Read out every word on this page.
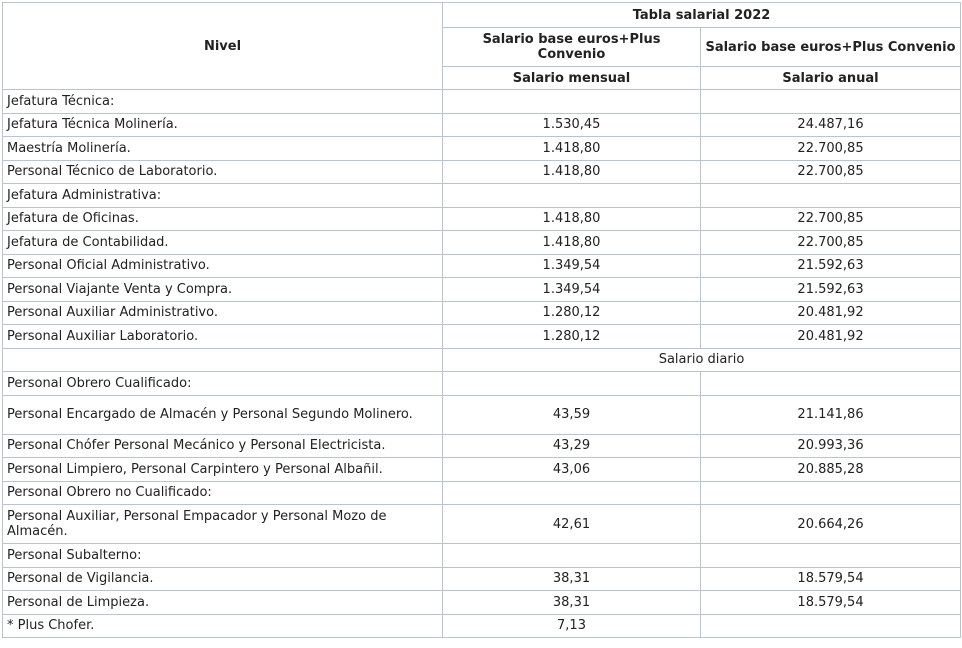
Nivel	Tabla salarial 2022	
	Salario base euros+Plus Convenio	Salario base euros+Plus Convenio
	Salario mensual	Salario anual
Jefatura Técnica:		
Jefatura Técnica Molinería.	1.530,45	24.487,16
Maestría Molinería.	1.418,80	22.700,85
Personal Técnico de Laboratorio.	1.418,80	22.700,85
Jefatura Administrativa:		
Jefatura de Oficinas.	1.418,80	22.700,85
Jefatura de Contabilidad.	1.418,80	22.700,85
Personal Oficial Administrativo.	1.349,54	21.592,63
Personal Viajante Venta y Compra.	1.349,54	21.592,63
Personal Auxiliar Administrativo.	1.280,12	20.481,92
Personal Auxiliar Laboratorio.	1.280,12	20.481,92
	Salario diario	
Personal Obrero Cualificado:		
Personal Encargado de Almacén y Personal Segundo Molinero.	43,59	21.141,86
Personal Chófer Personal Mecánico y Personal Electricista.	43,29	20.993,36
Personal Limpiero, Personal Carpintero y Personal Albañil.	43,06	20.885,28
Personal Obrero no Cualificado:		
Personal Auxiliar, Personal Empacador y Personal Mozo de Almacén.	42,61	20.664,26
Personal Subalterno:		
Personal de Vigilancia.	38,31	18.579,54
Personal de Limpieza.	38,31	18.579,54
* Plus Chofer.	7,13	
